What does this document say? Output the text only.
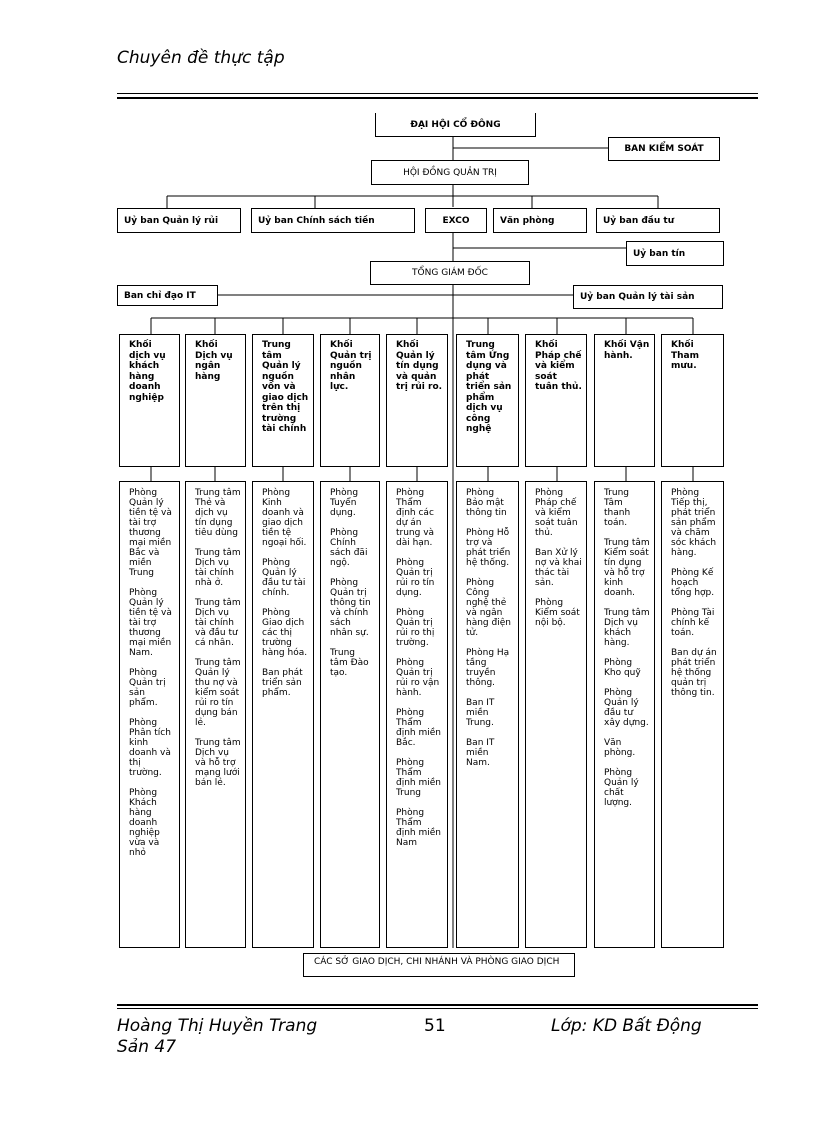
Chuyên đề thực tập
ĐẠI HỘI CỔ ĐÔNG
BAN KIỂM SOÁT
HỘI ĐỒNG QUẢN TRỊ
Uỷ ban Quản lý rủi	Uỷ ban Chính sách tiền	EXCO	Văn phòng	Uỷ ban đầu tư
Uỷ ban tín
TỔNG GIÁM ĐỐC
Ban chỉ đạo IT	Uỷ ban Quản lý tài sản
Khối dịch vụ khách hàng doanh nghiệp
Khối Dịch vụ ngân hàng
Trung tâm Quản lý nguồn vốn và giao dịch trên thị trường tài chính
Khối Quản trị nguồn nhân lực.
Khối Quản lý tín dụng và quản trị rủi ro.
Trung tâm Ứng dụng và phát triển sản phẩm dịch vụ công nghệ
Khối Pháp chế và kiểm soát tuân thủ.
Khối Vận hành.
Khối Tham mưu.

Phòng Quản lý tiền tệ và tài trợ thương mại miền Bắc và miền Trung

Phòng Quản lý tiền tệ và tài trợ thương mại miền Nam.

Phòng Quản trị sản phẩm.

Phòng Phân tích kinh doanh và thị trường.

Phòng Khách hàng doanh nghiệp vừa và nhỏ

Trung tâm Thẻ và dịch vụ tín dụng tiêu dùng

Trung tâm Dịch vụ tài chính nhà ở.

Trung tâm Dịch vụ tài chính và đầu tư cá nhân.

Trung tâm Quản lý thu nợ và kiểm soát rủi ro tín dụng bán lẻ.

Trung tâm Dịch vụ và hỗ trợ mạng lưới bán lẻ.

Phòng Kinh doanh và giao dịch tiền tệ ngoại hối.

Phòng Quản lý đầu tư tài chính.

Phòng Giao dịch các thị trường hàng hóa.

Ban phát triển sản phẩm.

Phòng Tuyển dụng.

Phòng Chính sách đãi ngộ.

Phòng Quản trị thông tin và chính sách nhân sự.

Trung tâm Đào tạo.

Phòng Thẩm định các dự án trung và dài hạn.

Phòng Quản trị rủi ro tín dụng.

Phòng Quản trị rủi ro thị trường.

Phòng Quản trị rủi ro vận hành.

Phòng Thẩm định miền Bắc.

Phòng Thẩm định miền Trung

Phòng Thẩm định miền Nam

Phòng Bảo mật thông tin

Phòng Hỗ trợ và phát triển hệ thống.

Phòng Công nghệ thẻ và ngân hàng điện tử.

Phòng Hạ tầng truyền thông.

Ban IT miền Trung.

Ban IT miền Nam.

Phòng Pháp chế và kiểm soát tuân thủ.

Ban Xử lý nợ và khai thác tài sản.

Phòng Kiểm soát nội bộ.

Trung Tâm thanh toán.

Trung tâm Kiểm soát tín dụng và hỗ trợ kinh doanh.

Trung tâm Dịch vụ khách hàng.

Phòng Kho quỹ

Phòng Quản lý đầu tư xây dựng.

Văn phòng.

Phòng Quản lý chất lượng.

Phòng Tiếp thị, phát triển sản phẩm và chăm sóc khách hàng.

Phòng Kế hoạch tổng hợp.

Phòng Tài chính kế toán.

Ban dự án phát triển hệ thống quản trị thông tin.

CÁC SỞ GIAO DỊCH, CHI NHÁNH VÀ PHÒNG GIAO DỊCH
Hoàng Thị Huyền Trang	51	Lớp: KD Bất Động
Sản 47
